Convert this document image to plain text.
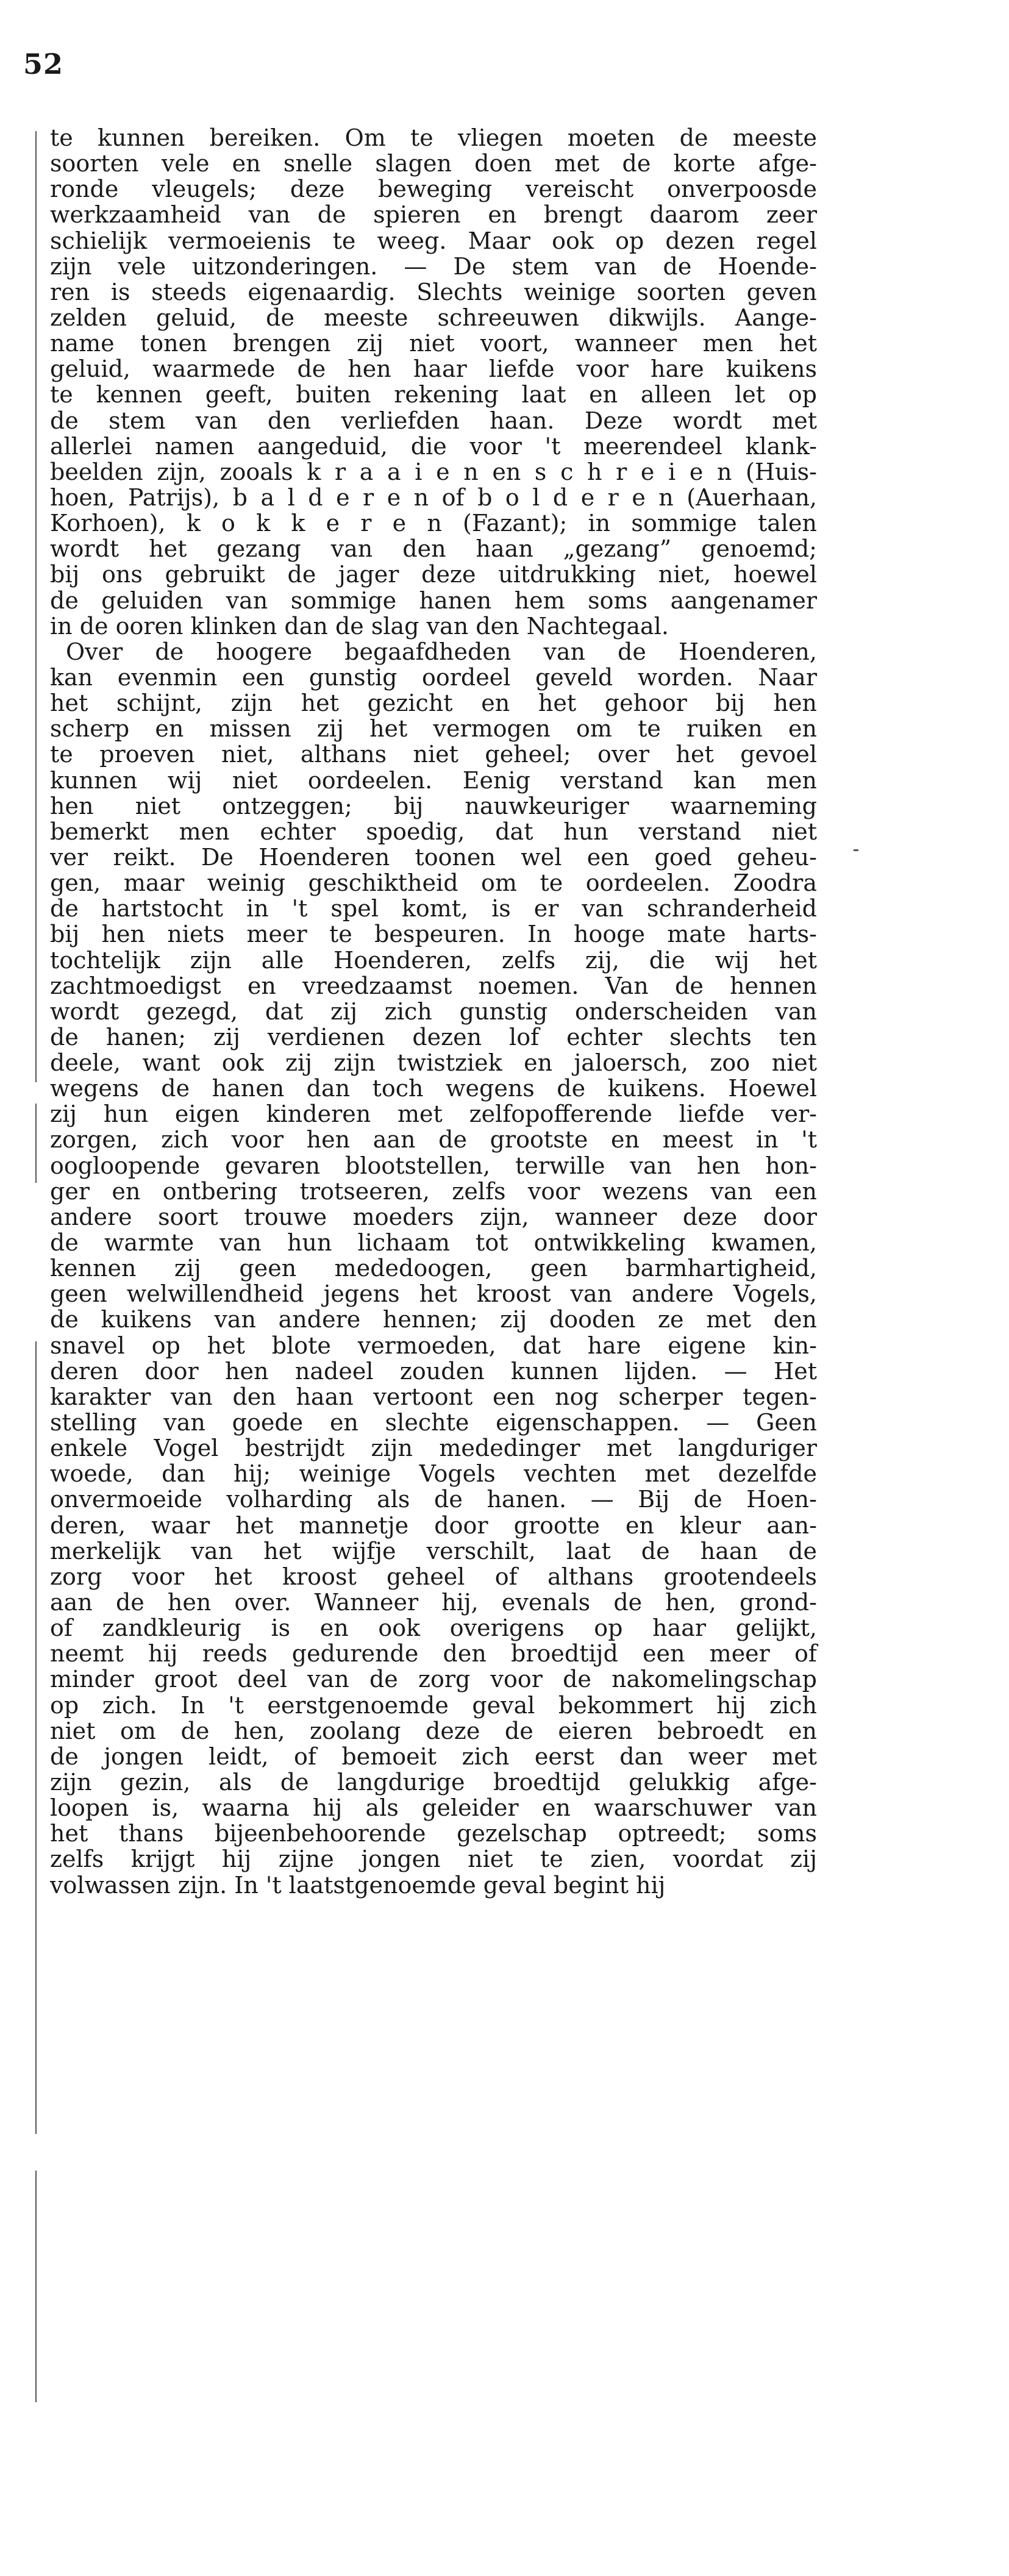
52
te kunnen bereiken. Om te vliegen moeten de meeste
soorten vele en snelle slagen doen met de korte afge-
ronde vleugels; deze beweging vereischt onverpoosde
werkzaamheid van de spieren en brengt daarom zeer
schielijk vermoeienis te weeg. Maar ook op dezen regel
zijn vele uitzonderingen. — De stem van de Hoende-
ren is steeds eigenaardig. Slechts weinige soorten geven
zelden geluid, de meeste schreeuwen dikwijls. Aange-
name tonen brengen zij niet voort, wanneer men het
geluid, waarmede de hen haar liefde voor hare kuikens
te kennen geeft, buiten rekening laat en alleen let op
de stem van den verliefden haan. Deze wordt met
allerlei namen aangeduid, die voor 't meerendeel klank-
beelden zijn, zooals k r a a i e n en s c h r e i e n (Huis-
hoen, Patrijs), b a l d e r e n of b o l d e r e n (Auerhaan,
Korhoen), k o k k e r e n (Fazant); in sommige talen
wordt het gezang van den haan „gezang” genoemd;
bij ons gebruikt de jager deze uitdrukking niet, hoewel
de geluiden van sommige hanen hem soms aangenamer
in de ooren klinken dan de slag van den Nachtegaal.
Over de hoogere begaafdheden van de Hoenderen,
kan evenmin een gunstig oordeel geveld worden. Naar
het schijnt, zijn het gezicht en het gehoor bij hen
scherp en missen zij het vermogen om te ruiken en
te proeven niet, althans niet geheel; over het gevoel
kunnen wij niet oordeelen. Eenig verstand kan men
hen niet ontzeggen; bij nauwkeuriger waarneming
bemerkt men echter spoedig, dat hun verstand niet
ver reikt. De Hoenderen toonen wel een goed geheu-
gen, maar weinig geschiktheid om te oordeelen. Zoodra
de hartstocht in 't spel komt, is er van schranderheid
bij hen niets meer te bespeuren. In hooge mate harts-
tochtelijk zijn alle Hoenderen, zelfs zij, die wij het
zachtmoedigst en vreedzaamst noemen. Van de hennen
wordt gezegd, dat zij zich gunstig onderscheiden van
de hanen; zij verdienen dezen lof echter slechts ten
deele, want ook zij zijn twistziek en jaloersch, zoo niet
wegens de hanen dan toch wegens de kuikens. Hoewel
zij hun eigen kinderen met zelfopofferende liefde ver-
zorgen, zich voor hen aan de grootste en meest in 't
oogloopende gevaren blootstellen, terwille van hen hon-
ger en ontbering trotseeren, zelfs voor wezens van een
andere soort trouwe moeders zijn, wanneer deze door
de warmte van hun lichaam tot ontwikkeling kwamen,
kennen zij geen mededoogen, geen barmhartigheid,
geen welwillendheid jegens het kroost van andere Vogels,
de kuikens van andere hennen; zij dooden ze met den
snavel op het blote vermoeden, dat hare eigene kin-
deren door hen nadeel zouden kunnen lijden. — Het
karakter van den haan vertoont een nog scherper tegen-
stelling van goede en slechte eigenschappen. — Geen
enkele Vogel bestrijdt zijn mededinger met langduriger
woede, dan hij; weinige Vogels vechten met dezelfde
onvermoeide volharding als de hanen. — Bij de Hoen-
deren, waar het mannetje door grootte en kleur aan-
merkelijk van het wijfje verschilt, laat de haan de
zorg voor het kroost geheel of althans grootendeels
aan de hen over. Wanneer hij, evenals de hen, grond-
of zandkleurig is en ook overigens op haar gelijkt,
neemt hij reeds gedurende den broedtijd een meer of
minder groot deel van de zorg voor de nakomelingschap
op zich. In 't eerstgenoemde geval bekommert hij zich
niet om de hen, zoolang deze de eieren bebroedt en
de jongen leidt, of bemoeit zich eerst dan weer met
zijn gezin, als de langdurige broedtijd gelukkig afge-
loopen is, waarna hij als geleider en waarschuwer van
het thans bijeenbehoorende gezelschap optreedt; soms
zelfs krijgt hij zijne jongen niet te zien, voordat zij
volwassen zijn. In 't laatstgenoemde geval begint hij
